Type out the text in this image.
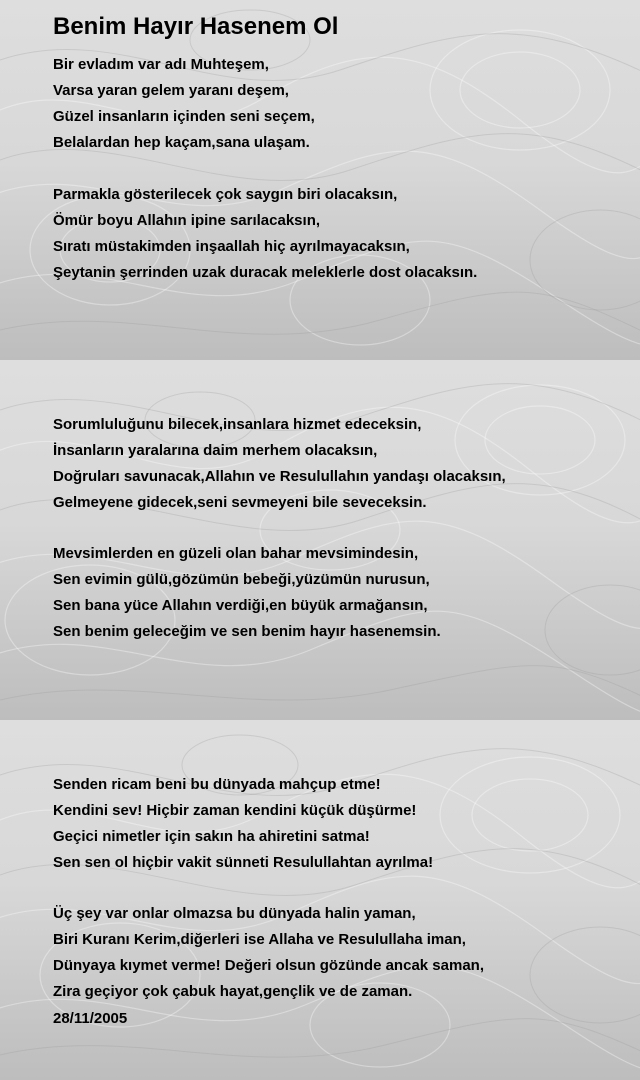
Benim Hayır Hasenem Ol
Bir evladım var adı Muhteşem,
Varsa yaran gelem yaranı deşem,
Güzel insanların içinden seni seçem,
Belalardan hep kaçam,sana ulaşam.
Parmakla gösterilecek çok saygın biri olacaksın,
Ömür boyu Allahın ipine sarılacaksın,
Sıratı müstakimden inşaallah hiç ayrılmayacaksın,
Şeytanin şerrinden uzak duracak meleklerle dost olacaksın.
Sorumluluğunu bilecek,insanlara hizmet edeceksin,
İnsanların yaralarına daim merhem olacaksın,
Doğruları savunacak,Allahın ve Resulullahın yandaşı olacaksın,
Gelmeyene gidecek,seni sevmeyeni bile seveceksin.
Mevsimlerden en güzeli olan bahar mevsimindesin,
Sen evimin gülü,gözümün bebeği,yüzümün nurusun,
Sen bana yüce Allahın verdiği,en büyük armağansın,
Sen benim geleceğim ve sen benim hayır hasenemsin.
Senden ricam beni bu dünyada mahçup etme!
Kendini sev! Hiçbir zaman kendini küçük düşürme!
Geçici nimetler için sakın ha ahiretini satma!
Sen sen ol hiçbir vakit sünneti Resulullahtan ayrılma!
Üç şey var onlar olmazsa bu dünyada halin yaman,
Biri Kuranı Kerim,diğerleri ise Allaha ve Resulullaha iman,
Dünyaya kıymet verme! Değeri olsun gözünde ancak saman,
Zira geçiyor çok çabuk hayat,gençlik ve de zaman.
28/11/2005
